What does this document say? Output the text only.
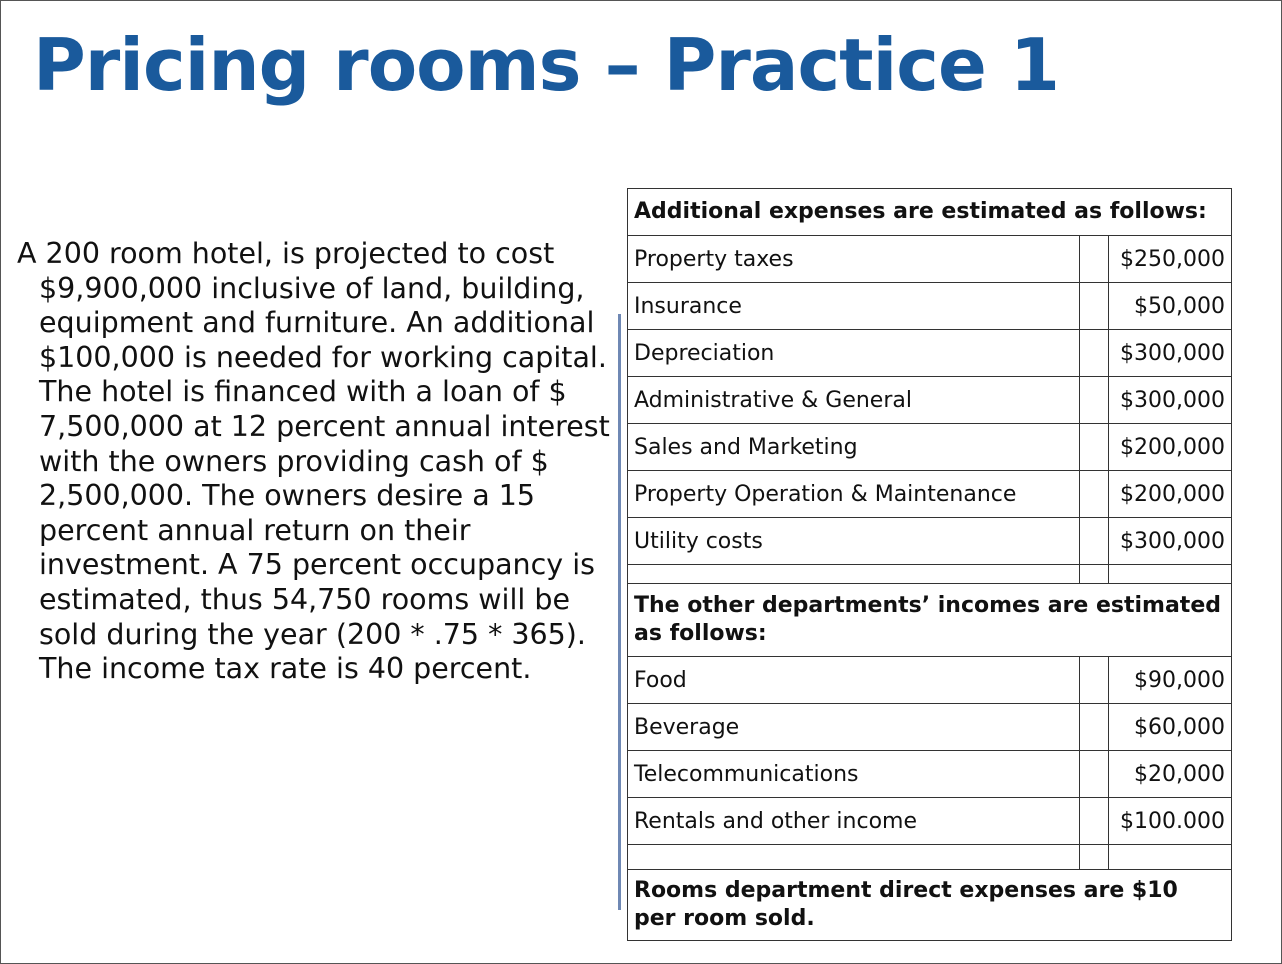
Pricing rooms – Practice 1

A 200 room hotel, is projected to cost $9,900,000 inclusive of land, building, equipment and furniture. An additional $100,000 is needed for working capital. The hotel is financed with a loan of $ 7,500,000 at 12 percent annual interest with the owners providing cash of $ 2,500,000. The owners desire a 15 percent annual return on their investment. A 75 percent occupancy is estimated, thus 54,750 rooms will be sold during the year (200 * .75 * 365). The income tax rate is 40 percent.

Additional expenses are estimated as follows:		
Property taxes		$250,000
Insurance		$50,000
Depreciation		$300,000
Administrative & General		$300,000
Sales and Marketing		$200,000
Property Operation & Maintenance		$200,000
Utility costs		$300,000

The other departments’ incomes are estimated as follows:		
Food		$90,000
Beverage		$60,000
Telecommunications		$20,000
Rentals and other income		$100.000

Rooms department direct expenses are $10 per room sold.		
